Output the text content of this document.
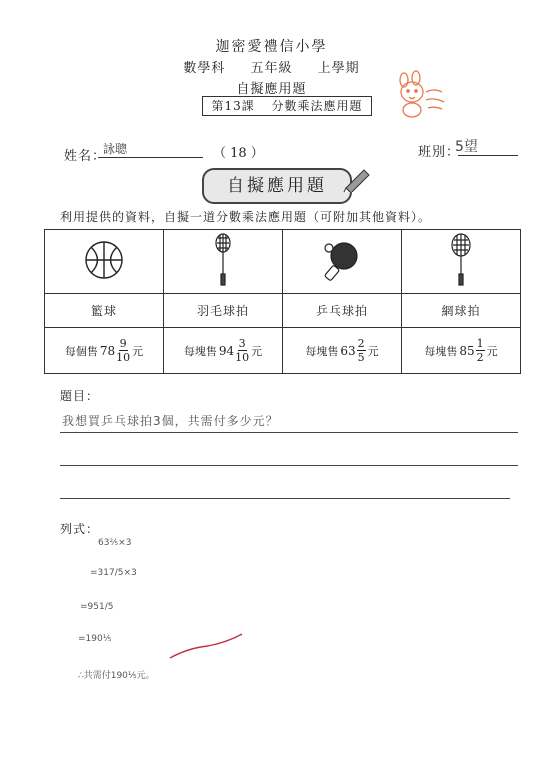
迦密愛禮信小學
數學科 五年級 上學期
自擬應用題
第13課 分數乘法應用題
姓名：
詠聰	（ 18 ）	班別：
5望
自擬應用題
利用提供的資料，自擬一道分數乘法應用題（可附加其他資料）。

籃球	羽毛球拍	乒乓球拍	網球拍

每個售 $78 \frac{9}{10}$ 元	每塊售 $94 \frac{3}{10}$ 元	每塊售 $63 \frac{2}{5}$ 元	每塊售 $85 \frac{1}{2}$ 元
題目：
我想買乒乓球拍3個，共需付多少元？
列式：
63⅖×3
=317/5×3
=951/5
=190⅕
∴共需付190⅕元。
